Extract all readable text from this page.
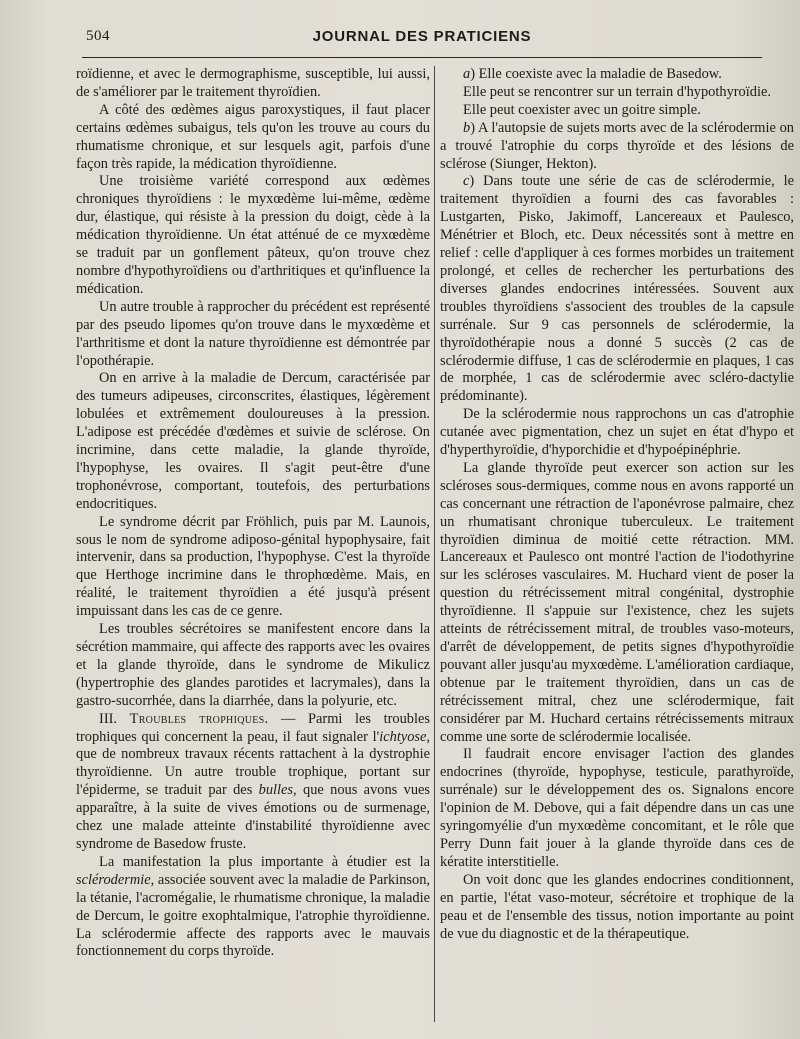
504	JOURNAL DES PRATICIENS

roïdienne, et avec le dermographisme, susceptible, lui aussi, de s'améliorer par le traitement thyroïdien.

A côté des œdèmes aigus paroxystiques, il faut placer certains œdèmes subaigus, tels qu'on les trouve au cours du rhumatisme chronique, et sur lesquels agit, parfois d'une façon très rapide, la médication thyroïdienne.

Une troisième variété correspond aux œdèmes chroniques thyroïdiens : le myxœdème lui-même, œdème dur, élastique, qui résiste à la pression du doigt, cède à la médication thyroïdienne. Un état atténué de ce myxœdème se traduit par un gonflement pâteux, qu'on trouve chez nombre d'hypothyroïdiens ou d'arthritiques et qu'influence la médication.

Un autre trouble à rapprocher du précédent est représenté par des pseudo lipomes qu'on trouve dans le myxœdème et l'arthritisme et dont la nature thyroïdienne est démontrée par l'opothérapie.

On en arrive à la maladie de Dercum, caractérisée par des tumeurs adipeuses, circonscrites, élastiques, légèrement lobulées et extrêmement douloureuses à la pression. L'adipose est précédée d'œdèmes et suivie de sclérose. On incrimine, dans cette maladie, la glande thyroïde, l'hypophyse, les ovaires. Il s'agit peut-être d'une trophonévrose, comportant, toutefois, des perturbations endocritiques.

Le syndrome décrit par Fröhlich, puis par M. Launois, sous le nom de syndrome adiposo-génital hypophysaire, fait intervenir, dans sa production, l'hypophyse. C'est la thyroïde que Herthoge incrimine dans le throphœdème. Mais, en réalité, le traitement thyroïdien a été jusqu'à présent impuissant dans les cas de ce genre.

Les troubles sécrétoires se manifestent encore dans la sécrétion mammaire, qui affecte des rapports avec les ovaires et la glande thyroïde, dans le syndrome de Mikulicz (hypertrophie des glandes parotides et lacrymales), dans la gastro-sucorrhée, dans la diarrhée, dans la polyurie, etc.

III. Troubles trophiques. — Parmi les troubles trophiques qui concernent la peau, il faut signaler l'ichtyose, que de nombreux travaux récents rattachent à la dystrophie thyroïdienne. Un autre trouble trophique, portant sur l'épiderme, se traduit par des bulles, que nous avons vues apparaître, à la suite de vives émotions ou de surmenage, chez une malade atteinte d'instabilité thyroïdienne avec syndrome de Basedow fruste.

La manifestation la plus importante à étudier est la sclérodermie, associée souvent avec la maladie de Parkinson, la tétanie, l'acromégalie, le rhumatisme chronique, la maladie de Dercum, le goitre exophtalmique, l'atrophie thyroïdienne. La sclérodermie affecte des rapports avec le mauvais fonctionnement du corps thyroïde.

a) Elle coexiste avec la maladie de Basedow.

Elle peut se rencontrer sur un terrain d'hypothyroïdie.

Elle peut coexister avec un goitre simple.

b) A l'autopsie de sujets morts avec de la sclérodermie on a trouvé l'atrophie du corps thyroïde et des lésions de sclérose (Siunger, Hekton).

c) Dans toute une série de cas de sclérodermie, le traitement thyroïdien a fourni des cas favorables : Lustgarten, Pisko, Jakimoff, Lancereaux et Paulesco, Ménétrier et Bloch, etc. Deux nécessités sont à mettre en relief : celle d'appliquer à ces formes morbides un traitement prolongé, et celles de rechercher les perturbations des diverses glandes endocrines intéressées. Souvent aux troubles thyroïdiens s'associent des troubles de la capsule surrénale. Sur 9 cas personnels de sclérodermie, la thyroïdothérapie nous a donné 5 succès (2 cas de sclérodermie diffuse, 1 cas de sclérodermie en plaques, 1 cas de morphée, 1 cas de sclérodermie avec scléro-dactylie prédominante).

De la sclérodermie nous rapprochons un cas d'atrophie cutanée avec pigmentation, chez un sujet en état d'hypo et d'hyperthyroïdie, d'hyporchidie et d'hypoépinéphrie.

La glande thyroïde peut exercer son action sur les scléroses sous-dermiques, comme nous en avons rapporté un cas concernant une rétraction de l'aponévrose palmaire, chez un rhumatisant chronique tuberculeux. Le traitement thyroïdien diminua de moitié cette rétraction. MM. Lancereaux et Paulesco ont montré l'action de l'iodothyrine sur les scléroses vasculaires. M. Huchard vient de poser la question du rétrécissement mitral congénital, dystrophie thyroïdienne. Il s'appuie sur l'existence, chez les sujets atteints de rétrécissement mitral, de troubles vaso-moteurs, d'arrêt de développement, de petits signes d'hypothyroïdie pouvant aller jusqu'au myxœdème. L'amélioration cardiaque, obtenue par le traitement thyroïdien, dans un cas de rétrécissement mitral, chez une sclérodermique, fait considérer par M. Huchard certains rétrécissements mitraux comme une sorte de sclérodermie localisée.

Il faudrait encore envisager l'action des glandes endocrines (thyroïde, hypophyse, testicule, parathyroïde, surrénale) sur le développement des os. Signalons encore l'opinion de M. Debove, qui a fait dépendre dans un cas une syringomyélie d'un myxœdème concomitant, et le rôle que Perry Dunn fait jouer à la glande thyroïde dans ces de kératite interstitielle.

On voit donc que les glandes endocrines conditionnent, en partie, l'état vaso-moteur, sécrétoire et trophique de la peau et de l'ensemble des tissus, notion importante au point de vue du diagnostic et de la thérapeutique.
